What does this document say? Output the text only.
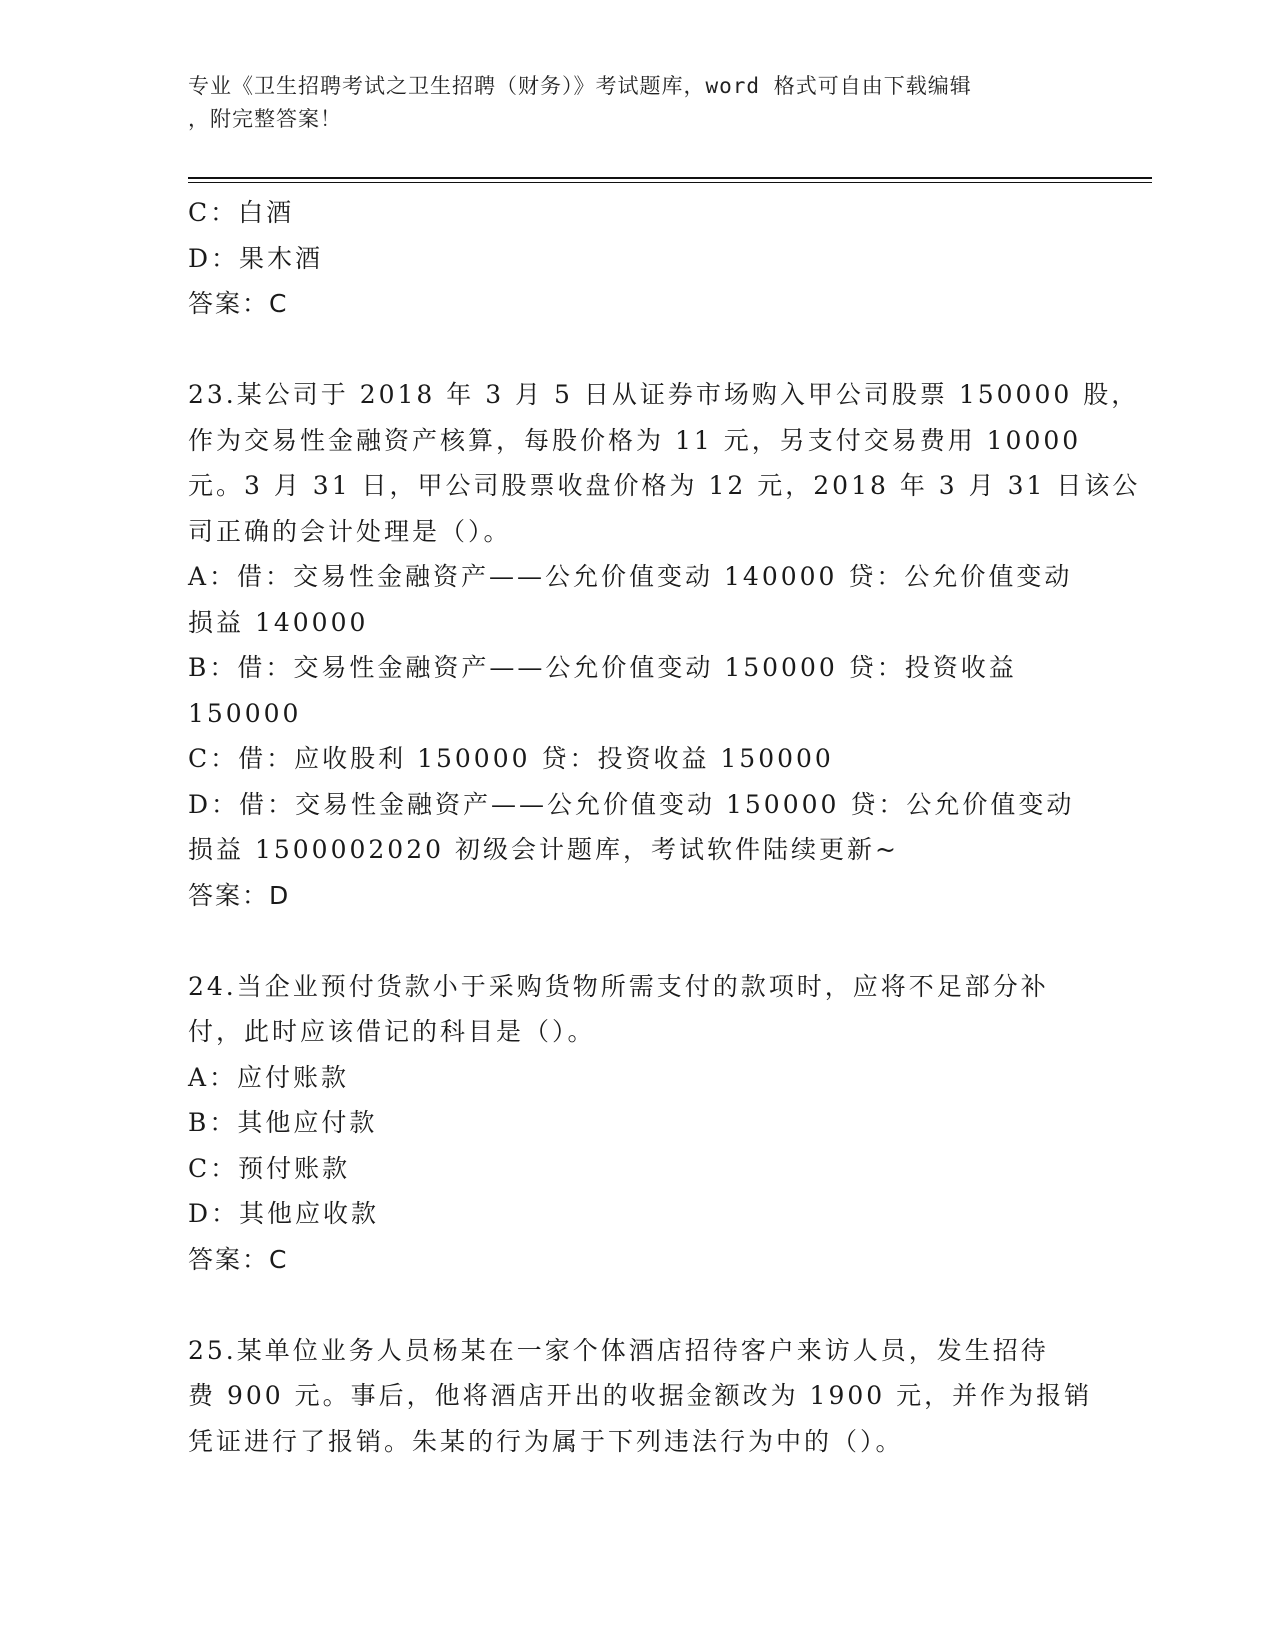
专业《卫生招聘考试之卫生招聘（财务）》考试题库，word 格式可自由下载编辑
，附完整答案！
C：白酒
D：果木酒
答案：C
23.某公司于 2018 年 3 月 5 日从证券市场购入甲公司股票 150000 股，
作为交易性金融资产核算，每股价格为 11 元，另支付交易费用 10000
元。3 月 31 日，甲公司股票收盘价格为 12 元，2018 年 3 月 31 日该公
司正确的会计处理是（）。
A：借：交易性金融资产——公允价值变动 140000 贷：公允价值变动
损益 140000
B：借：交易性金融资产——公允价值变动 150000 贷：投资收益
150000
C：借：应收股利 150000 贷：投资收益 150000
D：借：交易性金融资产——公允价值变动 150000 贷：公允价值变动
损益 1500002020 初级会计题库，考试软件陆续更新~
答案：D
24.当企业预付货款小于采购货物所需支付的款项时，应将不足部分补
付，此时应该借记的科目是（）。
A：应付账款
B：其他应付款
C：预付账款
D：其他应收款
答案：C
25.某单位业务人员杨某在一家个体酒店招待客户来访人员，发生招待
费 900 元。事后，他将酒店开出的收据金额改为 1900 元，并作为报销
凭证进行了报销。朱某的行为属于下列违法行为中的（）。
